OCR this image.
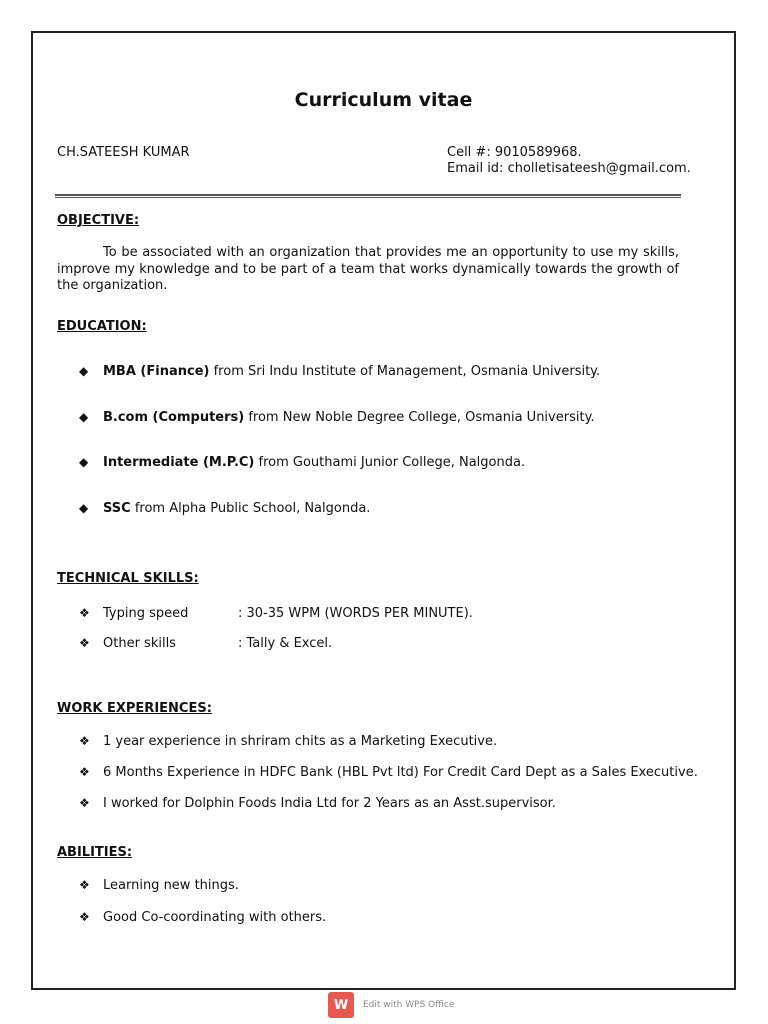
Curriculum vitae
CH.SATEESH KUMAR	Cell #: 9010589968.
Email id: cholletisateesh@gmail.com.
OBJECTIVE:
To be associated with an organization that provides me an opportunity to use my skills, improve my knowledge and to be part of a team that works dynamically towards the growth of the organization.
EDUCATION:
◆ MBA (Finance) from Sri Indu Institute of Management, Osmania University.
◆ B.com (Computers) from New Noble Degree College, Osmania University.
◆ Intermediate (M.P.C) from Gouthami Junior College, Nalgonda.
◆ SSC from Alpha Public School, Nalgonda.
TECHNICAL SKILLS:
❖ Typing speed	: 30-35 WPM (WORDS PER MINUTE).
❖ Other skills	: Tally & Excel.
WORK EXPERIENCES:
❖ 1 year experience in shriram chits as a Marketing Executive.
❖ 6 Months Experience in HDFC Bank (HBL Pvt ltd) For Credit Card Dept as a Sales Executive.
❖ I worked for Dolphin Foods India Ltd for 2 Years as an Asst.supervisor.
ABILITIES:
❖ Learning new things.
❖ Good Co-coordinating with others.
W	Edit with WPS Office
